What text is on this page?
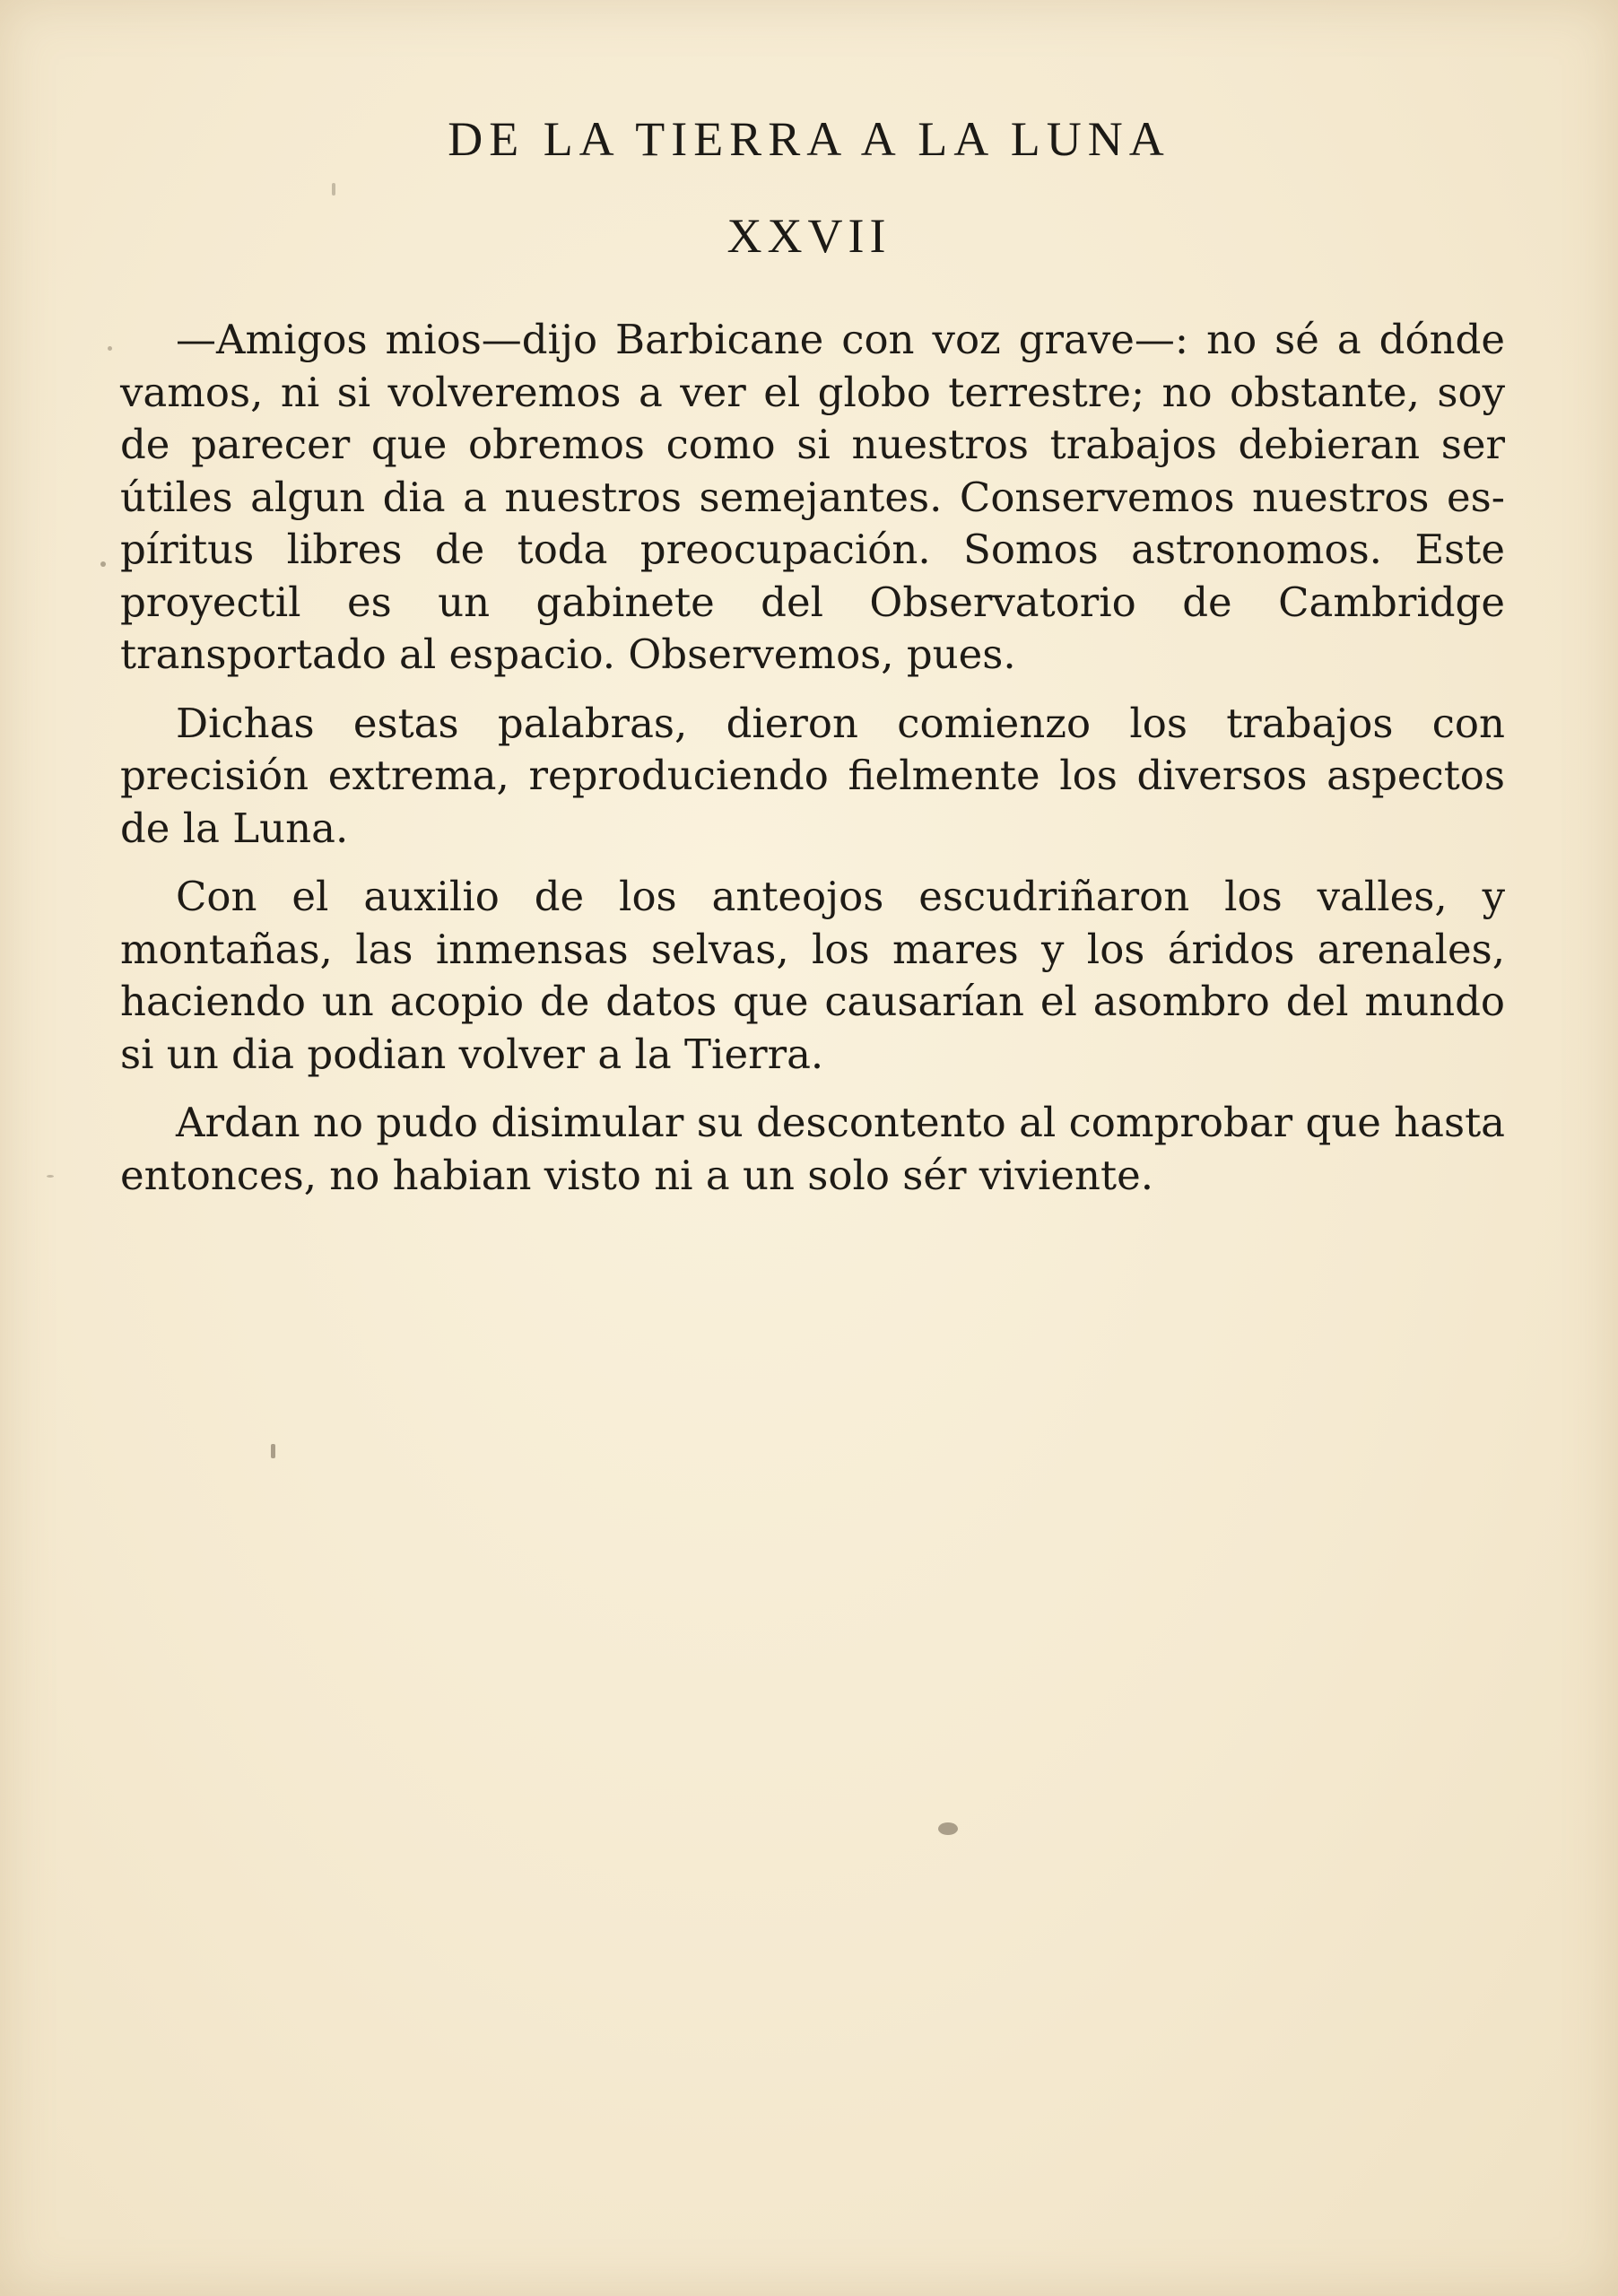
DE LA TIERRA A LA LUNA
XXVII

—Amigos mios—dijo Barbicane con voz grave—: no sé a dónde vamos, ni si volveremos a ver el globo terrestre; no obstante, soy de parecer que obremos como si nuestros trabajos debieran ser útiles algun dia a nuestros semejantes. Conservemos nuestros espíritus libres de toda preocupación. Somos astronomos. Este proyectil es un gabinete del Observatorio de Cambridge transportado al espacio. Observemos, pues.

Dichas estas palabras, dieron comienzo los trabajos con precisión extrema, reproduciendo fielmente los diversos aspectos de la Luna.

Con el auxilio de los anteojos escudriñaron los valles, y montañas, las inmensas selvas, los mares y los áridos arenales, haciendo un acopio de datos que causarían el asombro del mundo si un dia podian volver a la Tierra.

Ardan no pudo disimular su descontento al comprobar que hasta entonces, no habian visto ni a un solo sér viviente.
